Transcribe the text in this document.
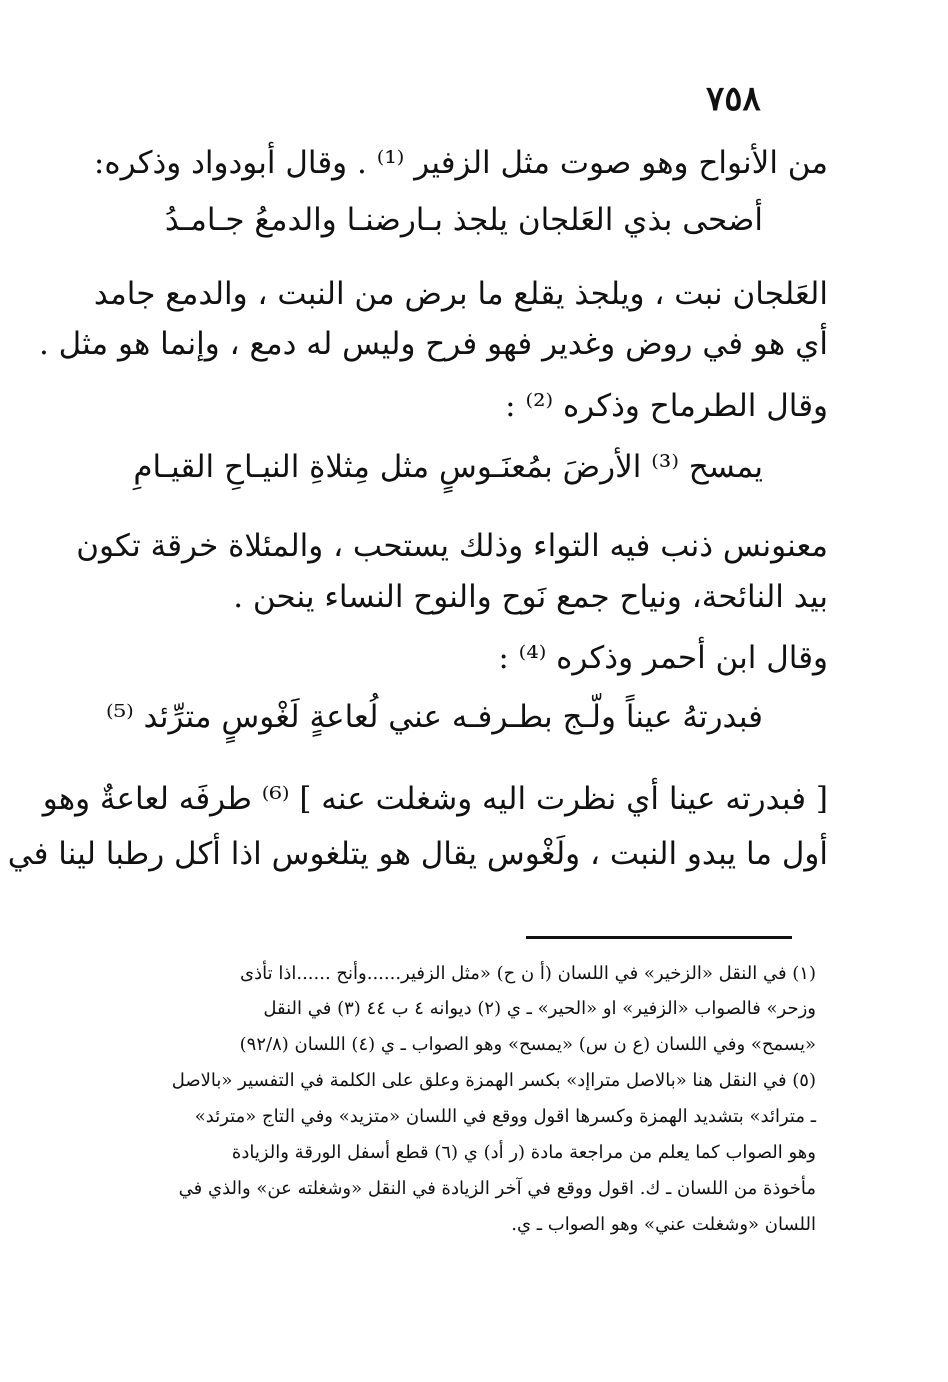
٧٥٨
من الأنواح وهو صوت مثل الزفير ⁽¹⁾ . وقال أبودواد وذكره:
أضحى بذي العَلجان يلجذ بـارضنـا والدمعُ جـامـدُ
العَلجان نبت ، ويلجذ يقلع ما برض من النبت ، والدمع جامد
أي هو في روض وغدير فهو فرح وليس له دمع ، وإنما هو مثل .
وقال الطرماح وذكره ⁽²⁾ :
يمسح ⁽³⁾ الأرضَ بمُعنَـوسٍ مثل مِثلاةِ النيـاحِ القيـامِ
معنونس ذنب فيه التواء وذلك يستحب ، والمئلاة خرقة تكون
بيد النائحة، ونياح جمع نَوح والنوح النساء ينحن .
وقال ابن أحمر وذكره ⁽⁴⁾ :
فبدرتهُ عيناً ولّـج بطـرفـه عني لُعاعةٍ لَغْوسٍ مترِّئد ⁽⁵⁾
[ فبدرته عينا أي نظرت اليه وشغلت عنه ] ⁽⁶⁾ طرفَه لعاعةٌ وهو
أول ما يبدو النبت ، ولَغْوس يقال هو يتلغوس اذا أكل رطبا لينا في
(١) في النقل «الزخير» في اللسان (أ ن ح) «مثل الزفير......وأنح ......اذا تأذى
وزحر» فالصواب «الزفير» او «الحير» ـ ي (٢) ديوانه ٤ ب ٤٤ (٣) في النقل
«يسمح» وفي اللسان (ع ن س) «يمسح» وهو الصواب ـ ي (٤) اللسان (٩٢/٨)
(٥) في النقل هنا «بالاصل متراإد» بكسر الهمزة وعلق على الكلمة في التفسير «بالاصل
ـ مترائد» بتشديد الهمزة وكسرها اقول ووقع في اللسان «متزيد» وفي التاج «مترئد»
وهو الصواب كما يعلم من مراجعة مادة (ر أد) ي (٦) قطع أسفل الورقة والزيادة
مأخوذة من اللسان ـ ك. اقول ووقع في آخر الزيادة في النقل «وشغلته عن» والذي في
اللسان «وشغلت عني» وهو الصواب ـ ي.
